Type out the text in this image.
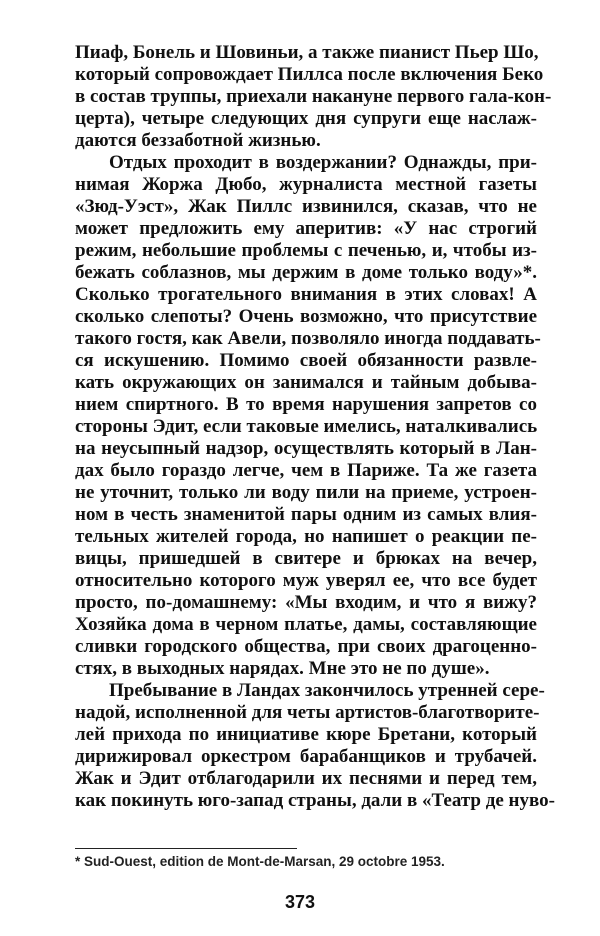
Пиаф, Бонель и Шовиньи, а также пианист Пьер Шо,
который сопровождает Пиллса после включения Беко
в состав труппы, приехали накануне первого гала-кон-
церта), четыре следующих дня супруги еще наслаж-
даются беззаботной жизнью.
Отдых проходит в воздержании? Однажды, при-
нимая Жоржа Дюбо, журналиста местной газеты
«Зюд-Уэст», Жак Пиллс извинился, сказав, что не
может предложить ему аперитив: «У нас строгий
режим, небольшие проблемы с печенью, и, чтобы из-
бежать соблазнов, мы держим в доме только воду»*.
Сколько трогательного внимания в этих словах! А
сколько слепоты? Очень возможно, что присутствие
такого гостя, как Авели, позволяло иногда поддавать-
ся искушению. Помимо своей обязанности развле-
кать окружающих он занимался и тайным добыва-
нием спиртного. В то время нарушения запретов со
стороны Эдит, если таковые имелись, наталкивались
на неусыпный надзор, осуществлять который в Лан-
дах было гораздо легче, чем в Париже. Та же газета
не уточнит, только ли воду пили на приеме, устроен-
ном в честь знаменитой пары одним из самых влия-
тельных жителей города, но напишет о реакции пе-
вицы, пришедшей в свитере и брюках на вечер,
относительно которого муж уверял ее, что все будет
просто, по-домашнему: «Мы входим, и что я вижу?
Хозяйка дома в черном платье, дамы, составляющие
сливки городского общества, при своих драгоценно-
стях, в выходных нарядах. Мне это не по душе».
Пребывание в Ландах закончилось утренней сере-
надой, исполненной для четы артистов-благотворите-
лей прихода по инициативе кюре Бретани, который
дирижировал оркестром барабанщиков и трубачей.
Жак и Эдит отблагодарили их песнями и перед тем,
как покинуть юго-запад страны, дали в «Театр де нуво-
* Sud-Ouest, edition de Mont-de-Marsan, 29 octobre 1953.
373
